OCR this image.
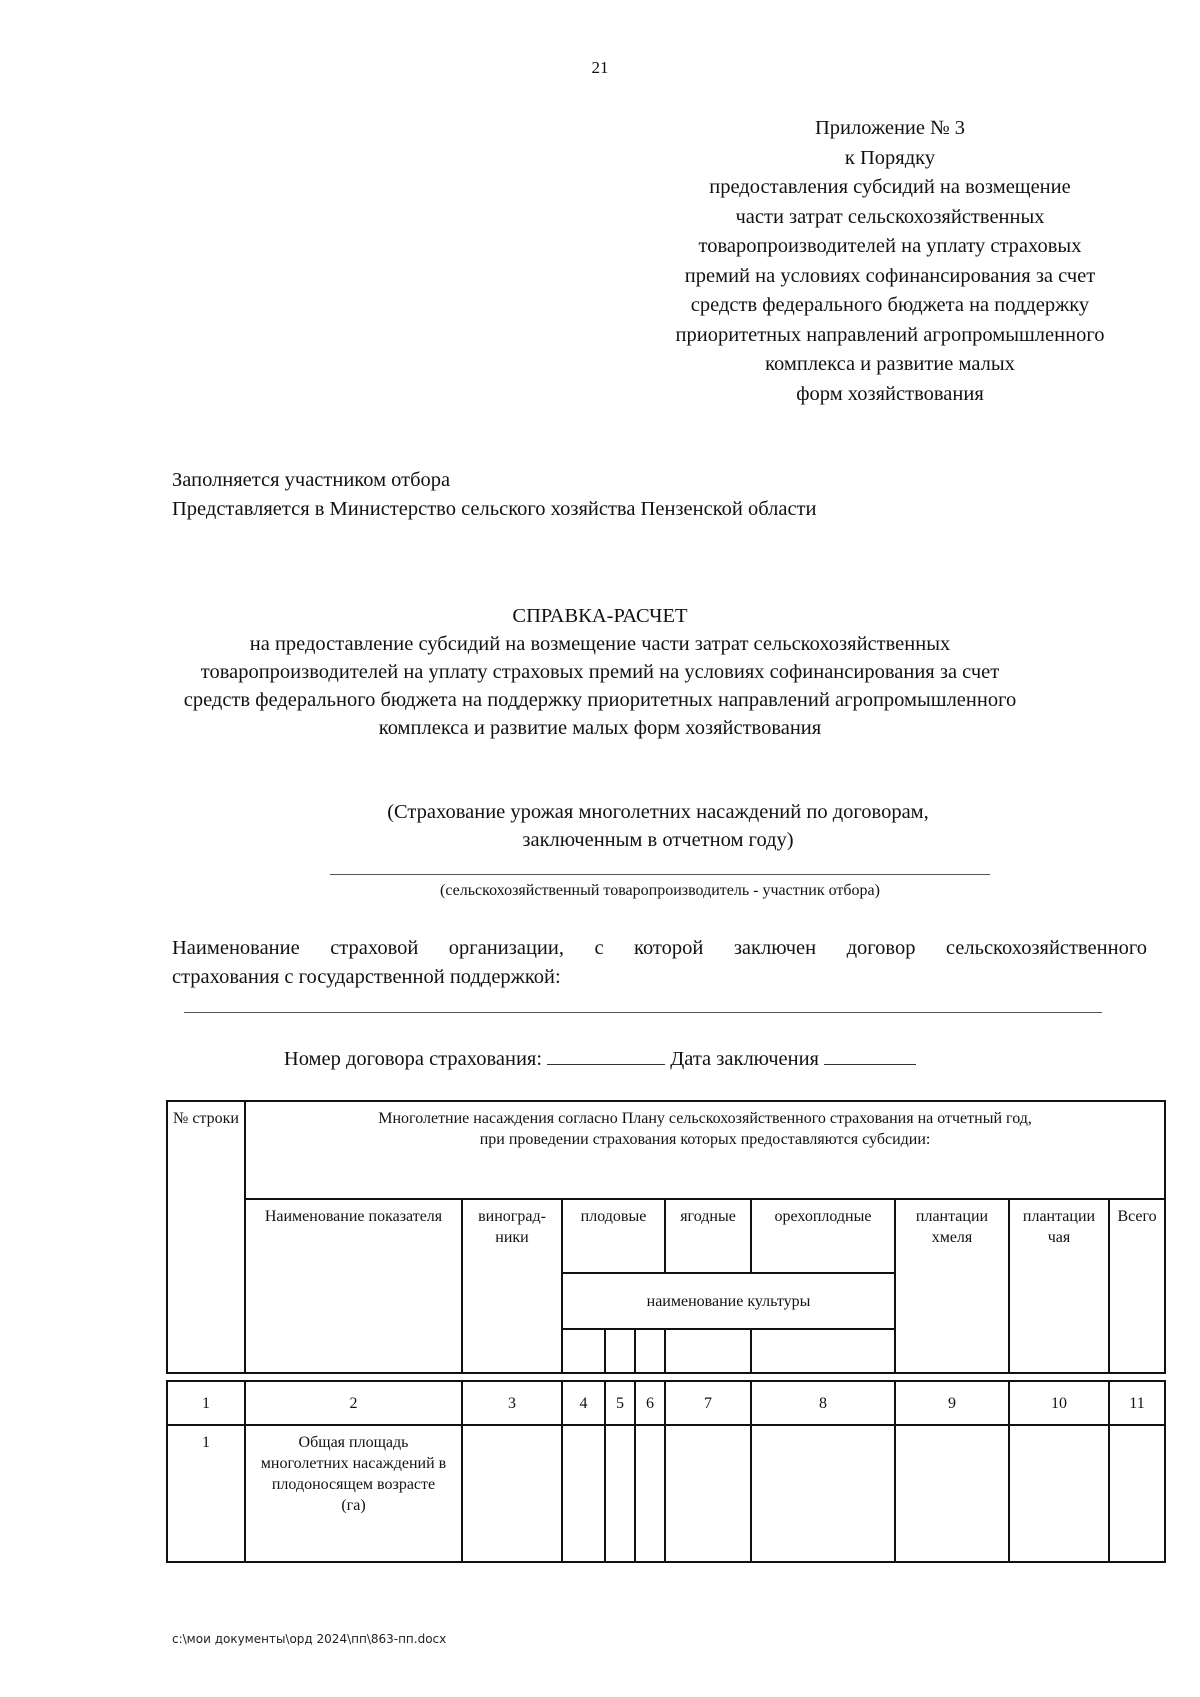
21
Приложение № 3
к Порядку
предоставления субсидий на возмещение
части затрат сельскохозяйственных
товаропроизводителей на уплату страховых
премий на условиях софинансирования за счет
средств федерального бюджета на поддержку
приоритетных направлений агропромышленного
комплекса и развитие малых
форм хозяйствования
Заполняется участником отбора
Представляется в Министерство сельского хозяйства Пензенской области
СПРАВКА-РАСЧЕТ
на предоставление субсидий на возмещение части затрат сельскохозяйственных
товаропроизводителей на уплату страховых премий на условиях софинансирования за счет
средств федерального бюджета на поддержку приоритетных направлений агропромышленного
комплекса и развитие малых форм хозяйствования
(Страхование урожая многолетних насаждений по договорам,
заключенным в отчетном году)
(сельскохозяйственный товаропроизводитель - участник отбора)
Наименование страховой организации, с которой заключен договор сельскохозяйственного
страхования с государственной поддержкой:
Номер договора страхования:	Дата заключения
№ строки	Многолетние насаждения согласно Плану сельскохозяйственного страхования на отчетный год,
при проведении страхования которых предоставляются субсидии:									

	Наименование показателя	виноград-ники	плодовые			ягодные	орехоплодные	плантации хмеля	плантации чая	Всего
			наименование культуры							

1	2	3	4	5	6	7	8	9	10	11
1	Общая площадь многолетних насаждений в плодоносящем возрасте (га)									
c:\мои документы\орд 2024\пп\863-пп.docx
